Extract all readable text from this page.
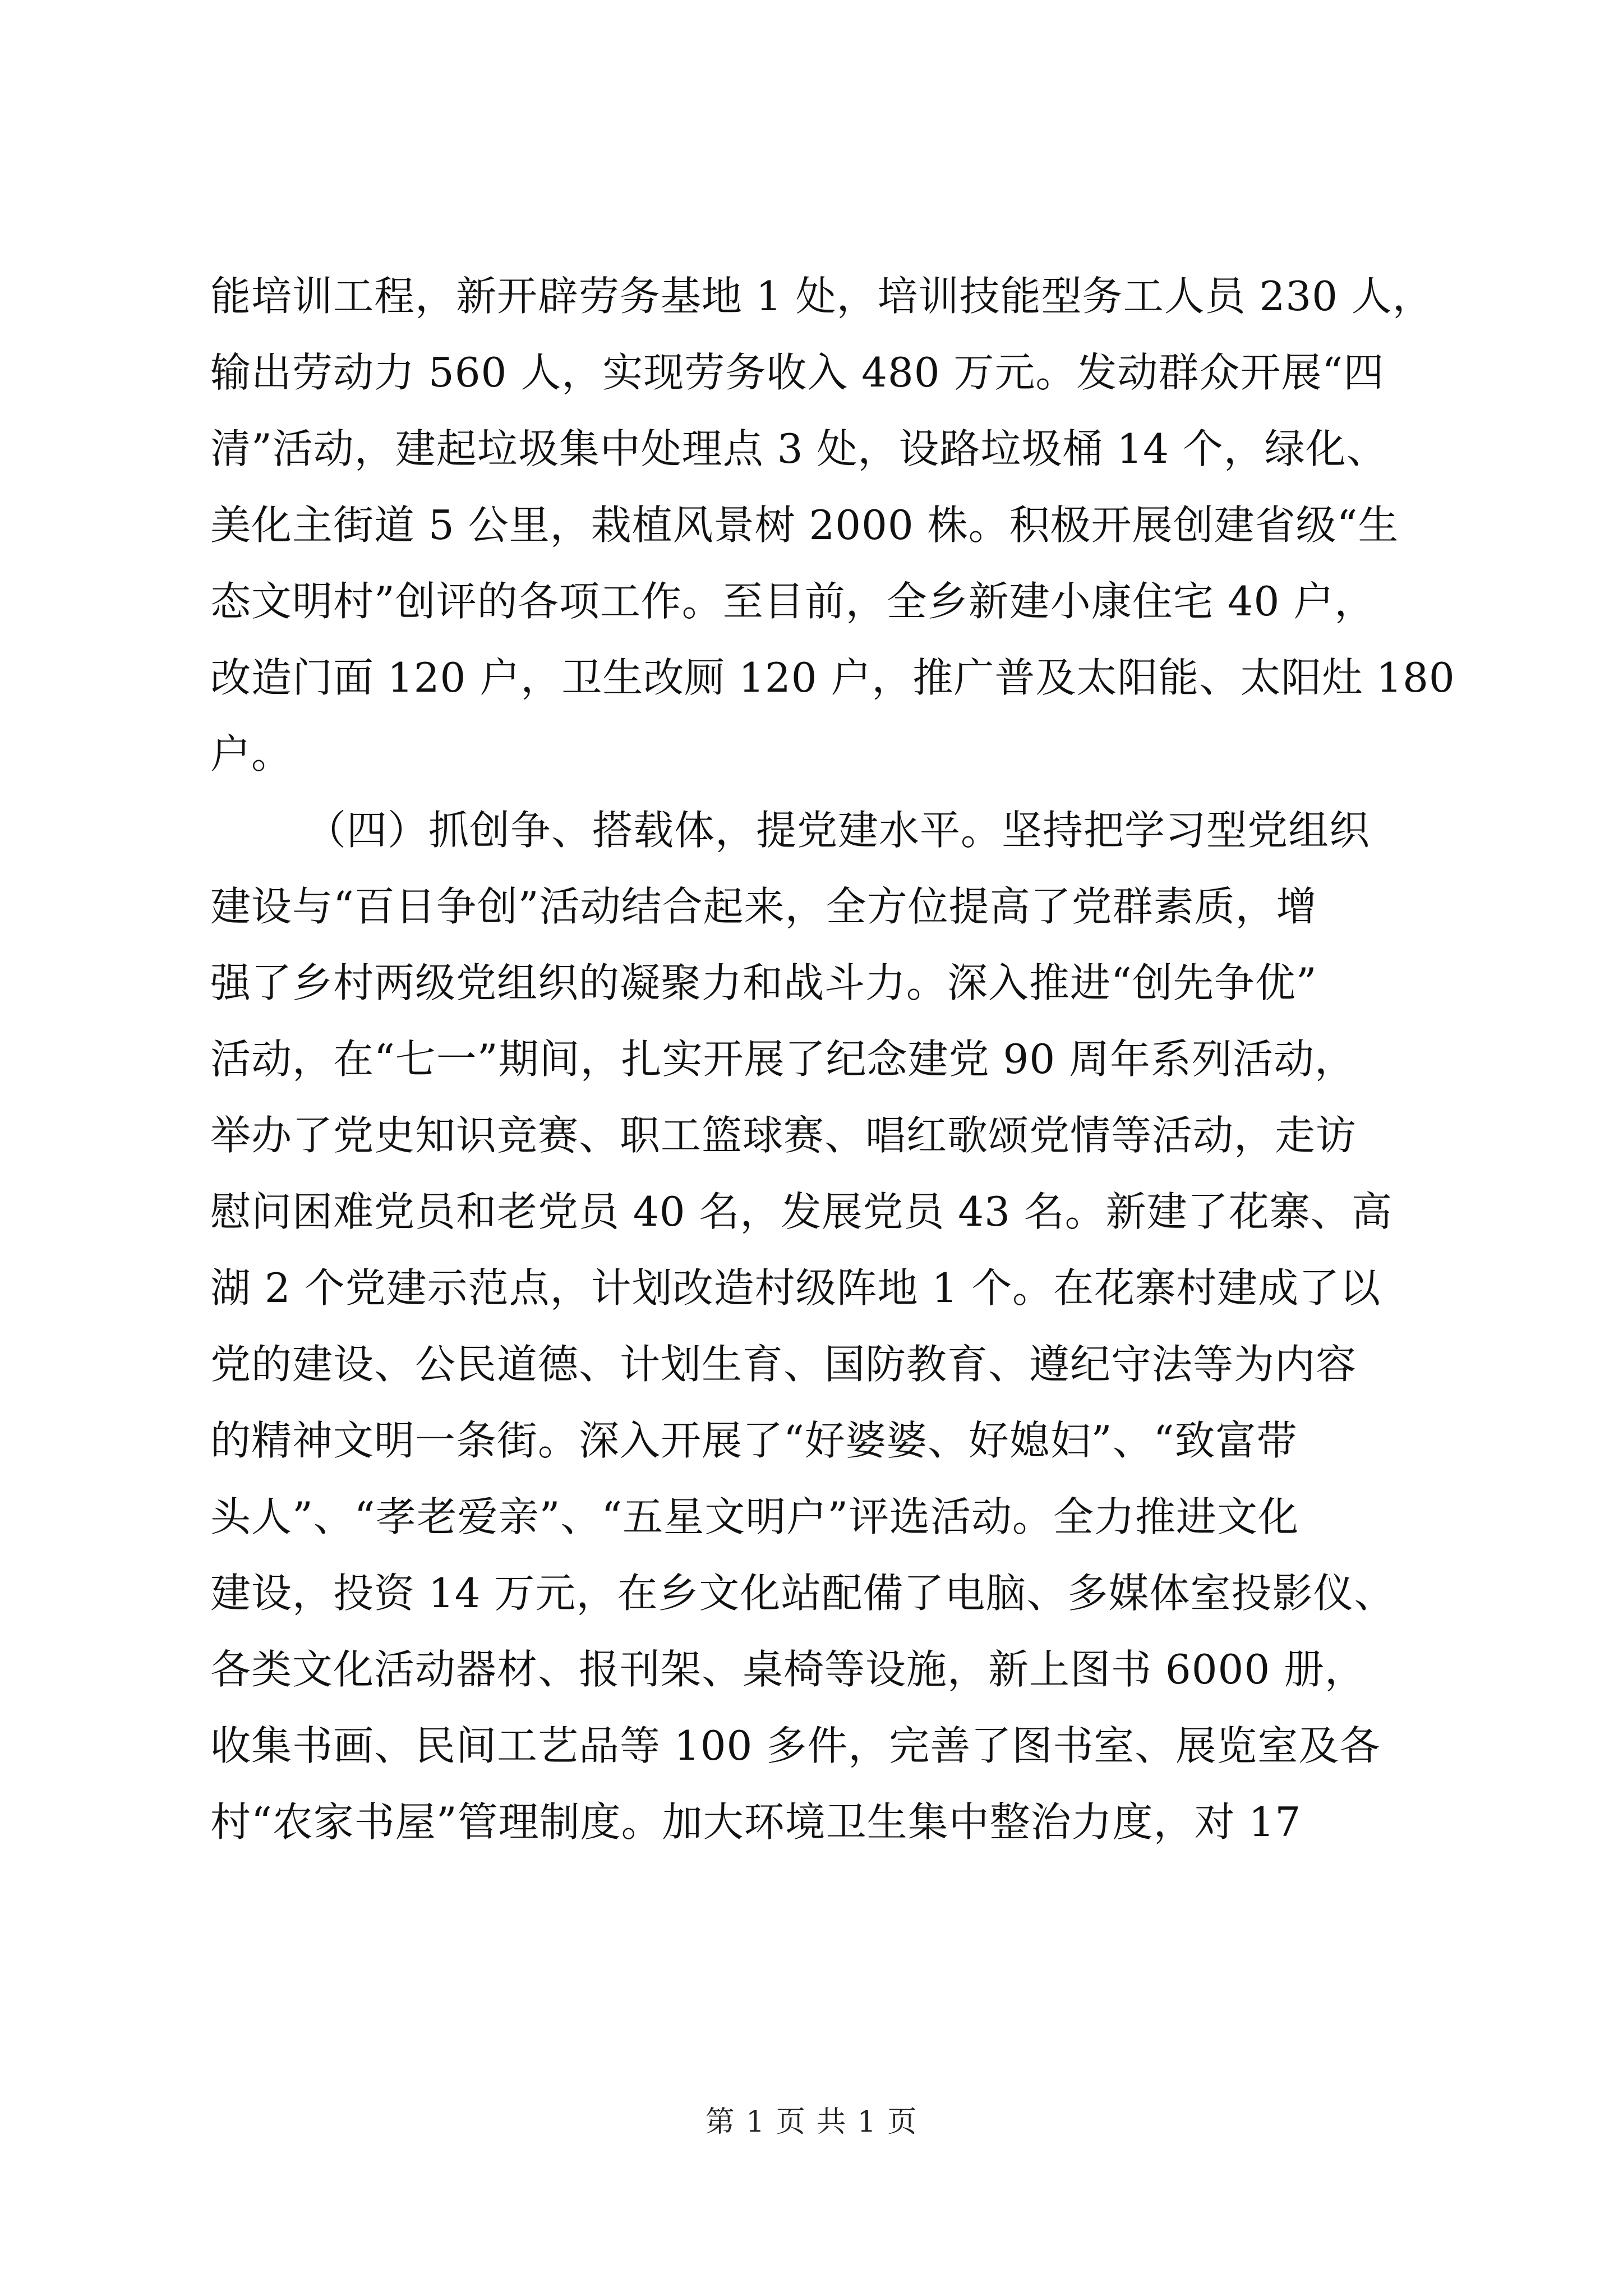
能培训工程，新开辟劳务基地 1 处，培训技能型务工人员 230 人，
输出劳动力 560 人，实现劳务收入 480 万元。发动群众开展“四
清”活动，建起垃圾集中处理点 3 处，设路垃圾桶 14 个，绿化、
美化主街道 5 公里，栽植风景树 2000 株。积极开展创建省级“生
态文明村”创评的各项工作。至目前，全乡新建小康住宅 40 户，
改造门面 120 户，卫生改厕 120 户，推广普及太阳能、太阳灶 180
户。
（四）抓创争、搭载体，提党建水平。坚持把学习型党组织
建设与“百日争创”活动结合起来，全方位提高了党群素质，增
强了乡村两级党组织的凝聚力和战斗力。深入推进“创先争优”
活动，在“七一”期间，扎实开展了纪念建党 90 周年系列活动，
举办了党史知识竞赛、职工篮球赛、唱红歌颂党情等活动，走访
慰问困难党员和老党员 40 名，发展党员 43 名。新建了花寨、高
湖 2 个党建示范点，计划改造村级阵地 1 个。在花寨村建成了以
党的建设、公民道德、计划生育、国防教育、遵纪守法等为内容
的精神文明一条街。深入开展了“好婆婆、好媳妇”、“致富带
头人”、“孝老爱亲”、“五星文明户”评选活动。全力推进文化
建设，投资 14 万元，在乡文化站配備了电脑、多媒体室投影仪、
各类文化活动器材、报刊架、桌椅等设施，新上图书 6000 册，
收集书画、民间工艺品等 100 多件，完善了图书室、展览室及各
村“农家书屋”管理制度。加大环境卫生集中整治力度，对 17
第 1 页 共 1 页
